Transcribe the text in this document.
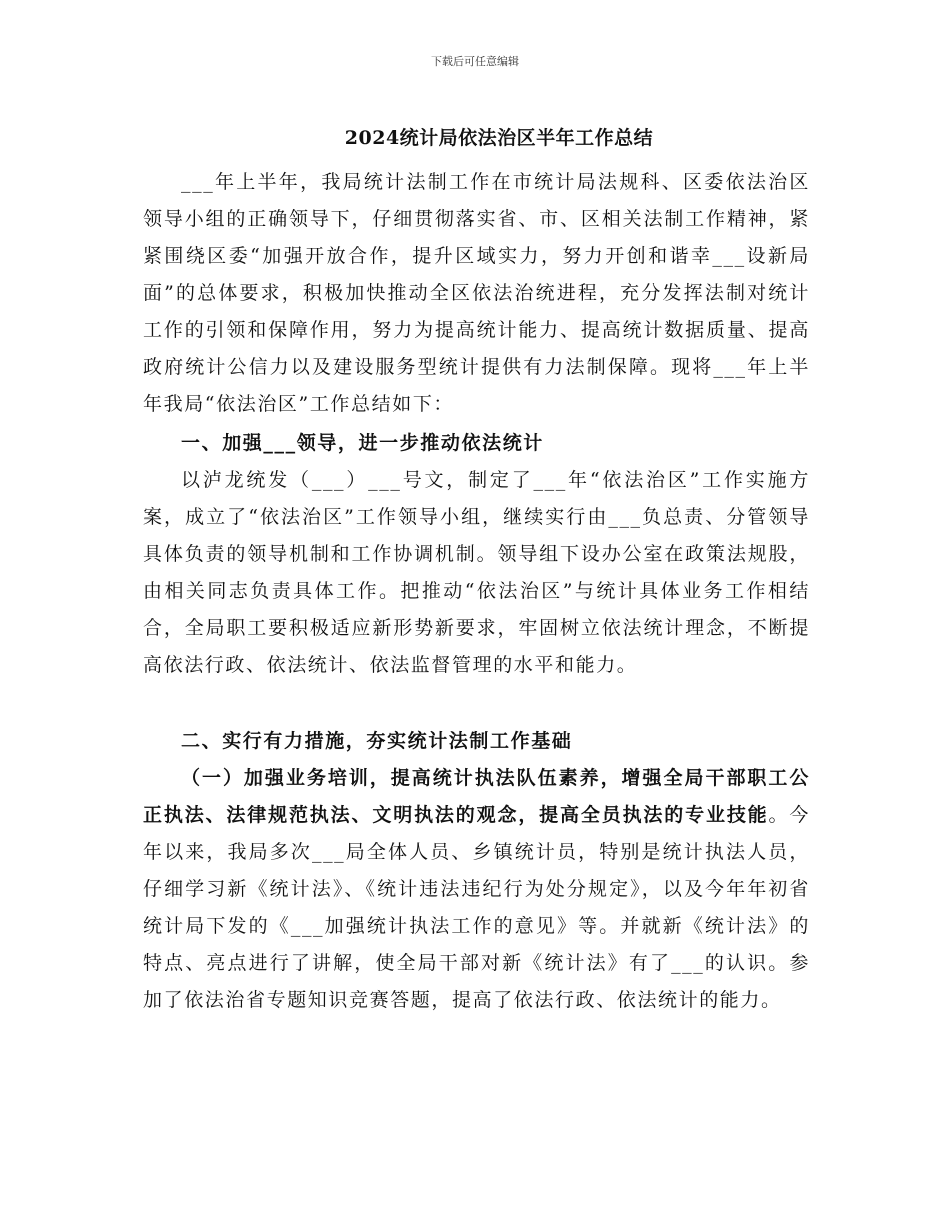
下载后可任意编辑
2024统计局依法治区半年工作总结

___年上半年，我局统计法制工作在市统计局法规科、区委依法治区领导小组的正确领导下，仔细贯彻落实省、市、区相关法制工作精神，紧紧围绕区委“加强开放合作，提升区域实力，努力开创和谐幸___设新局面”的总体要求，积极加快推动全区依法治统进程，充分发挥法制对统计工作的引领和保障作用，努力为提高统计能力、提高统计数据质量、提高政府统计公信力以及建设服务型统计提供有力法制保障。现将___年上半年我局“依法治区”工作总结如下：

一、加强___领导，进一步推动依法统计

以泸龙统发（___）___号文，制定了___年“依法治区”工作实施方案，成立了“依法治区”工作领导小组，继续实行由___负总责、分管领导具体负责的领导机制和工作协调机制。领导组下设办公室在政策法规股，由相关同志负责具体工作。把推动“依法治区”与统计具体业务工作相结合，全局职工要积极适应新形势新要求，牢固树立依法统计理念，不断提高依法行政、依法统计、依法监督管理的水平和能力。

二、实行有力措施，夯实统计法制工作基础

（一）加强业务培训，提高统计执法队伍素养，增强全局干部职工公正执法、法律规范执法、文明执法的观念，提高全员执法的专业技能。今年以来，我局多次___局全体人员、乡镇统计员，特别是统计执法人员，仔细学习新《统计法》、《统计违法违纪行为处分规定》，以及今年年初省统计局下发的《___加强统计执法工作的意见》等。并就新《统计法》的特点、亮点进行了讲解，使全局干部对新《统计法》有了___的认识。参加了依法治省专题知识竞赛答题，提高了依法行政、依法统计的能力。
